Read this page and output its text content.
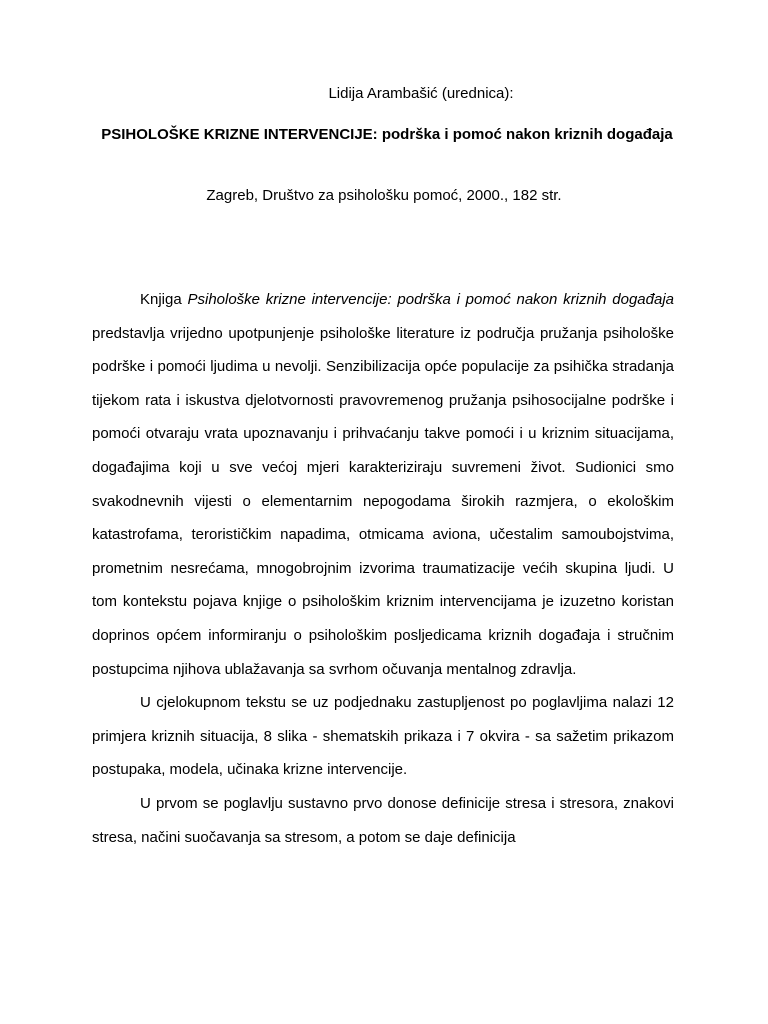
Lidija Arambašić (urednica):
PSIHOLOŠKE KRIZNE INTERVENCIJE: podrška i pomoć nakon kriznih događaja
Zagreb, Društvo za psihološku pomoć, 2000., 182 str.

Knjiga Psihološke krizne intervencije: podrška i pomoć nakon kriznih događaja predstavlja vrijedno upotpunjenje psihološke literature iz područja pružanja psihološke podrške i pomoći ljudima u nevolji. Senzibilizacija opće populacije za psihička stradanja tijekom rata i iskustva djelotvornosti pravovremenog pružanja psihosocijalne podrške i pomoći otvaraju vrata upoznavanju i prihvaćanju takve pomoći i u kriznim situacijama, događajima koji u sve većoj mjeri karakteriziraju suvremeni život. Sudionici smo svakodnevnih vijesti o elementarnim nepogodama širokih razmjera, o ekološkim katastrofama, terorističkim napadima, otmicama aviona, učestalim samoubojstvima, prometnim nesrećama, mnogobrojnim izvorima traumatizacije većih skupina ljudi. U tom kontekstu pojava knjige o psihološkim kriznim intervencijama je izuzetno koristan doprinos općem informiranju o psihološkim posljedicama kriznih događaja i stručnim postupcima njihova ublažavanja sa svrhom očuvanja mentalnog zdravlja.

U cjelokupnom tekstu se uz podjednaku zastupljenost po poglavljima nalazi 12 primjera kriznih situacija, 8 slika - shematskih prikaza i 7 okvira - sa sažetim prikazom postupaka, modela, učinaka krizne intervencije.

U prvom se poglavlju sustavno prvo donose definicije stresa i stresora, znakovi stresa, načini suočavanja sa stresom, a potom se daje definicija
